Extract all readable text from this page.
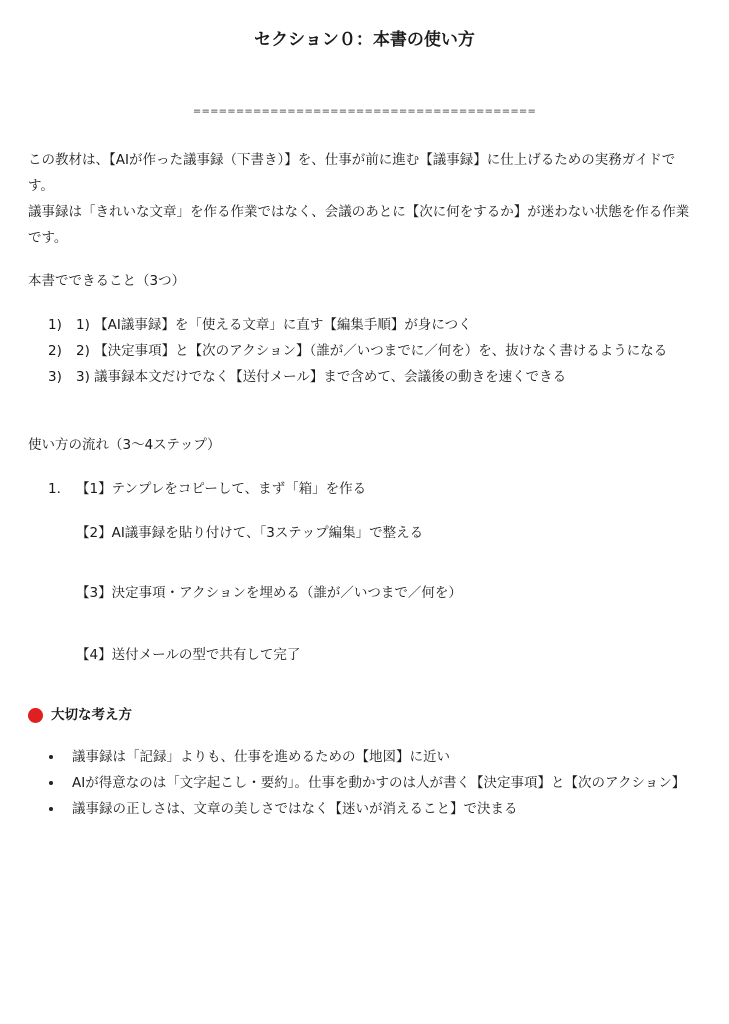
セクション０：本書の使い方
========================================

この教材は、【AIが作った議事録（下書き）】を、仕事が前に進む【議事録】に仕上げるための実務ガイドです。

議事録は「きれいな文章」を作る作業ではなく、会議のあとに【次に何をするか】が迷わない状態を作る作業です。

本書でできること（3つ）
1) 1) 【AI議事録】を「使える文章」に直す【編集手順】が身につく
2) 2) 【決定事項】と【次のアクション】（誰が／いつまでに／何を）を、抜けなく書けるようになる
3) 3) 議事録本文だけでなく【送付メール】まで含めて、会議後の動きを速くできる
使い方の流れ（3〜4ステップ）
1. 【1】テンプレをコピーして、まず「箱」を作る
【2】AI議事録を貼り付けて、「3ステップ編集」で整える
【3】決定事項・アクションを埋める（誰が／いつまで／何を）
【4】送付メールの型で共有して完了
大切な考え方
議事録は「記録」よりも、仕事を進めるための【地図】に近い
AIが得意なのは「文字起こし・要約」。仕事を動かすのは人が書く【決定事項】と【次のアクション】
議事録の正しさは、文章の美しさではなく【迷いが消えること】で決まる
